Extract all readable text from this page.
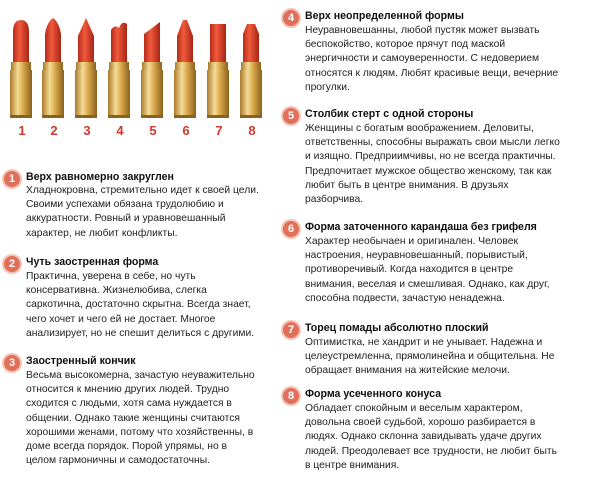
1	2	3	4	5	6	7	8
1	Верх равномерно закруглен
Хладнокровна, стремительно идет к своей цели.
Своими успехами обязана трудолюбию и
аккуратности. Ровный и уравновешанный
характер, не любит конфликты.
2	Чуть заостренная форма
Практична, уверена в себе, но чуть
консервативна. Жизнелюбива, слегка
саркотична, достаточно скрытна. Всегда знает,
чего хочет и чего ей не достает. Многое
анализирует, но не спешит делиться с другими.
3	Заостренный кончик
Весьма высокомерна, зачастую неуважительно
относится к мнению других людей. Трудно
сходится с людьми, хотя сама нуждается в
общении. Однако такие женщины считаются
хорошими женами, потому что хозяйственны, в
доме всегда порядок. Порой упрямы, но в
целом гармоничны и самодостаточны.
4	Верх неопределенной формы
Неуравновешанны, любой пустяк может вызвать
беспокойство, которое прячут под маской
энергичности и самоуверенности. С недоверием
относятся к людям. Любят красивые вещи, вечерние
прогулки.
5	Столбик стерт с одной стороны
Женщины с богатым воображением. Деловиты,
ответственны, способны выражать свои мысли легко
и изящно. Предприимчивы, но не всегда практичны.
Предпочитает мужское общество женскому, так как
любит быть в центре внимания. В друзьях
разборчива.
6	Форма заточенного карандаша без грифеля
Характер необычаен и оригиналeн. Человек
настроения, неуравновешанный, порывистый,
противоречивый. Когда находится в центре
внимания, веселая и смешливая. Однако, как друг,
способна подвести, зачастую ненадежна.
7	Торец помады абсолютно плоский
Оптимистка, не хандрит и не унывает. Надежна и
целеустремленна, прямолинейна и общительна. Не
обращает внимания на житейские мелочи.
8	Форма усеченного конуса
Обладает спокойным и веселым характером,
довольна своей судьбой, хорошо разбирается в
людях. Однако склонна завидывать удаче других
людей. Преодолевает все трудности, не любит быть
в центре внимания.
